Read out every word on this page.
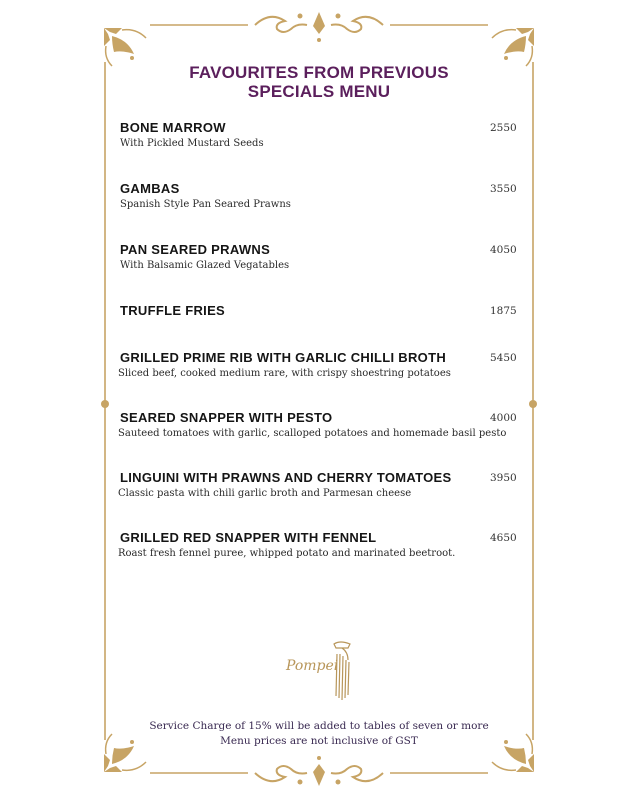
FAVOURITES FROM PREVIOUS
SPECIALS MENU
BONE MARROW
With Pickled Mustard Seeds
2550
GAMBAS
Spanish Style Pan Seared Prawns
3550
PAN SEARED PRAWNS
With Balsamic Glazed Vegatables
4050
TRUFFLE FRIES	1875
GRILLED PRIME RIB WITH GARLIC CHILLI BROTH
Sliced beef, cooked medium rare, with crispy shoestring potatoes
5450
SEARED SNAPPER WITH PESTO
Sauteed tomatoes with garlic, scalloped potatoes and homemade basil pesto
4000
LINGUINI WITH PRAWNS AND CHERRY TOMATOES
Classic pasta with chili garlic broth and Parmesan cheese
3950
GRILLED RED SNAPPER WITH FENNEL
Roast fresh fennel puree, whipped potato and marinated beetroot.
4650
Pompei
Service Charge of 15% will be added to tables of seven or more
Menu prices are not inclusive of GST
